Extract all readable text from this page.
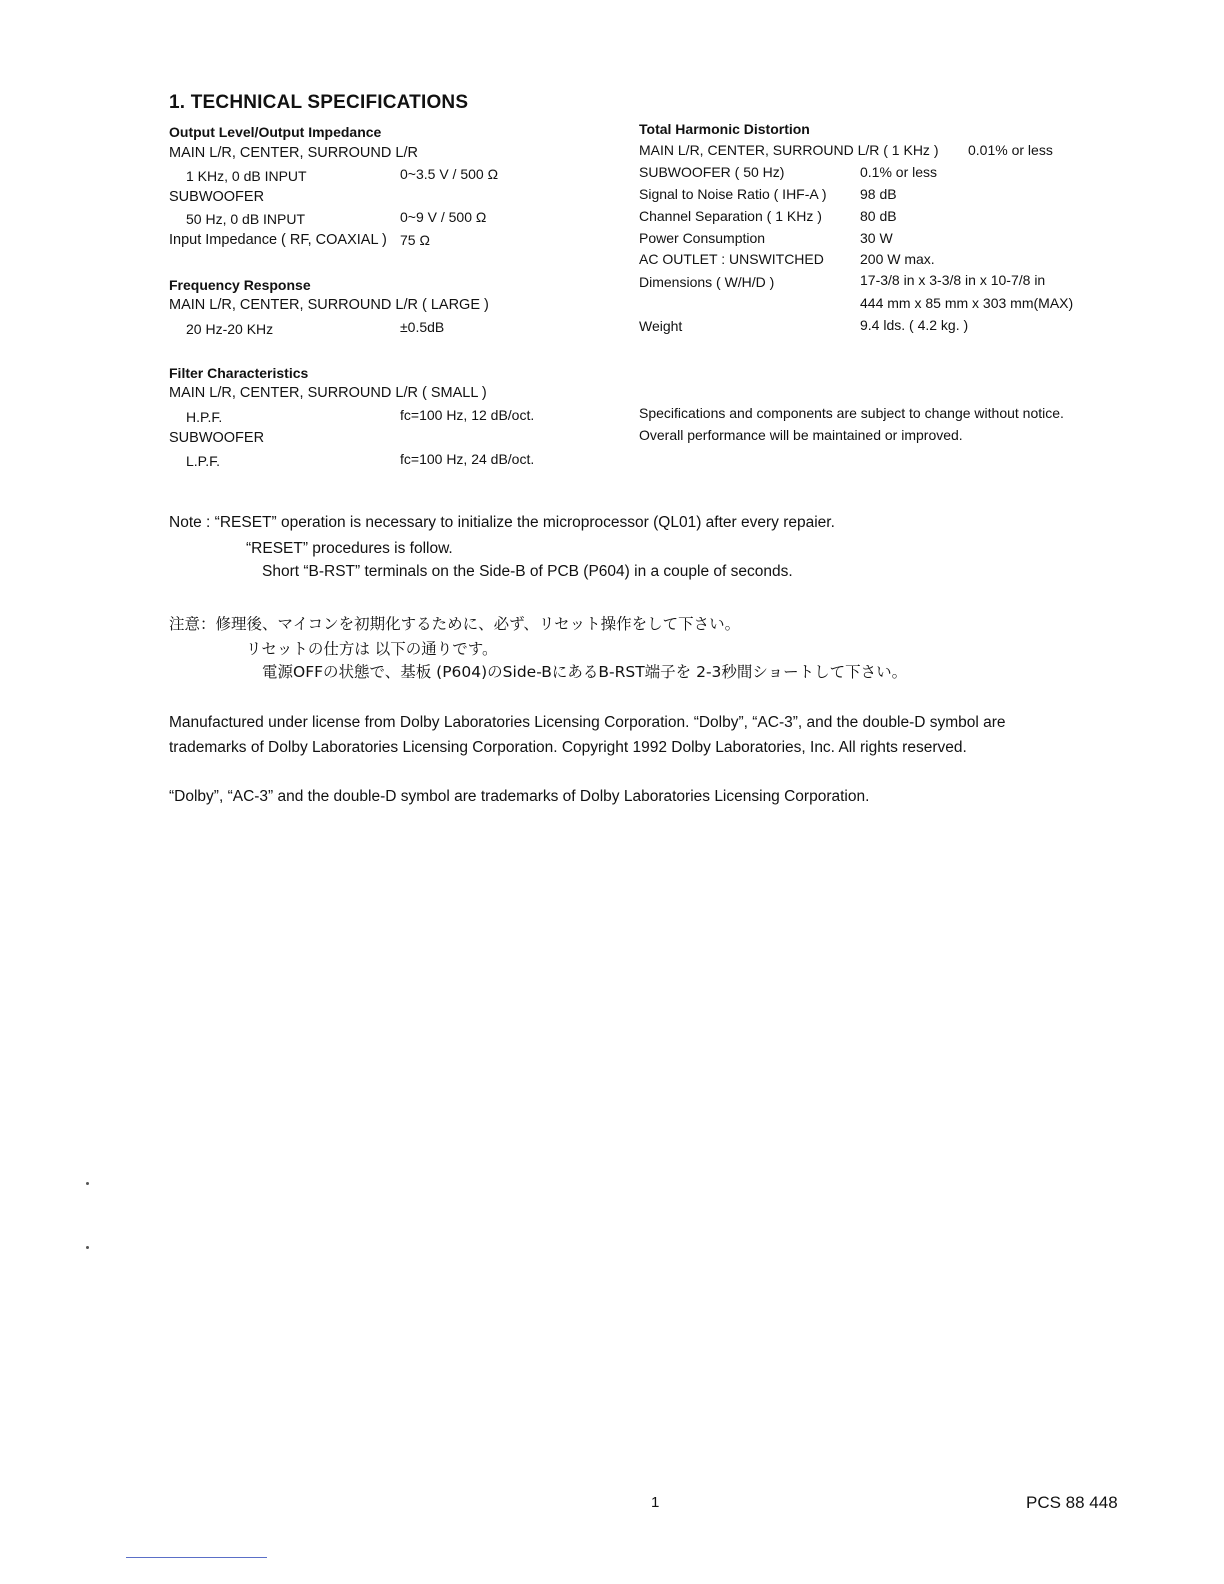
1. TECHNICAL SPECIFICATIONS
Output Level/Output Impedance
MAIN L/R, CENTER, SURROUND L/R
1 KHz, 0 dB INPUT	0~3.5 V / 500 Ω
SUBWOOFER
50 Hz, 0 dB INPUT	0~9 V / 500 Ω
Input Impedance ( RF, COAXIAL ) 75 Ω
Frequency Response
MAIN L/R, CENTER, SURROUND L/R ( LARGE )
20 Hz-20 KHz	±0.5dB
Filter Characteristics
MAIN L/R, CENTER, SURROUND L/R ( SMALL )
H.P.F.	fc=100 Hz, 12 dB/oct.
SUBWOOFER
L.P.F.	fc=100 Hz, 24 dB/oct.
Total Harmonic Distortion
MAIN L/R, CENTER, SURROUND L/R ( 1 KHz ) 0.01% or less
SUBWOOFER ( 50 Hz)	0.1% or less
Signal to Noise Ratio ( IHF-A ) 98 dB
Channel Separation ( 1 KHz )	80 dB
Power Consumption	30 W
AC OUTLET : UNSWITCHED	200 W max.
Dimensions ( W/H/D )	17-3/8 in x 3-3/8 in x 10-7/8 in
444 mm x 85 mm x 303 mm(MAX)
Weight	9.4 lds. ( 4.2 kg. )
Specifications and components are subject to change without notice.
Overall performance will be maintained or improved.
Note : “RESET” operation is necessary to initialize the microprocessor (QL01) after every repaier.
“RESET” procedures is follow.
Short “B-RST” terminals on the Side-B of PCB (P604) in a couple of seconds.
注意：修理後、マイコンを初期化するために、必ず、リセット操作をして下さい。
リセットの仕方は 以下の通りです。
電源OFFの状態で、基板 (P604)のSide-BにあるB-RST端子を 2-3秒間ショートして下さい。
Manufactured under license from Dolby Laboratories Licensing Corporation. “Dolby”, “AC-3”, and the double-D symbol are
trademarks of Dolby Laboratories Licensing Corporation. Copyright 1992 Dolby Laboratories, Inc. All rights reserved.
“Dolby”, “AC-3” and the double-D symbol are trademarks of Dolby Laboratories Licensing Corporation.
1	PCS 88 448
